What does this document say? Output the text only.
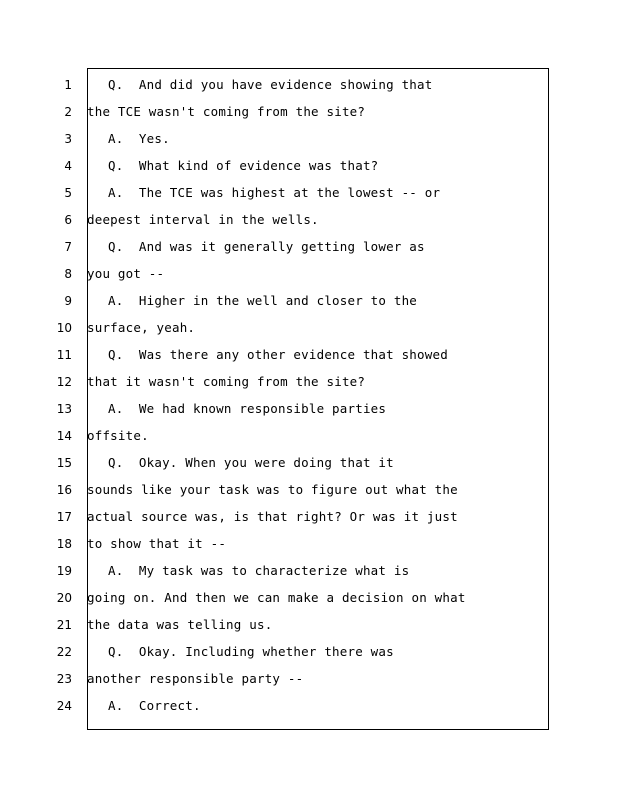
1	Q.  And did you have evidence showing that
2 the TCE wasn't coming from the site?
3	A.  Yes.
4	Q.  What kind of evidence was that?
5	A.  The TCE was highest at the lowest -- or
6 deepest interval in the wells.
7	Q.  And was it generally getting lower as
8 you got --
9	A.  Higher in the well and closer to the
10 surface, yeah.
11	Q.  Was there any other evidence that showed
12 that it wasn't coming from the site?
13	A.  We had known responsible parties
14 offsite.
15	Q.  Okay. When you were doing that it
16 sounds like your task was to figure out what the
17 actual source was, is that right? Or was it just
18 to show that it --
19	A.  My task was to characterize what is
20 going on. And then we can make a decision on what
21 the data was telling us.
22	Q.  Okay. Including whether there was
23 another responsible party --
24	A.  Correct.
